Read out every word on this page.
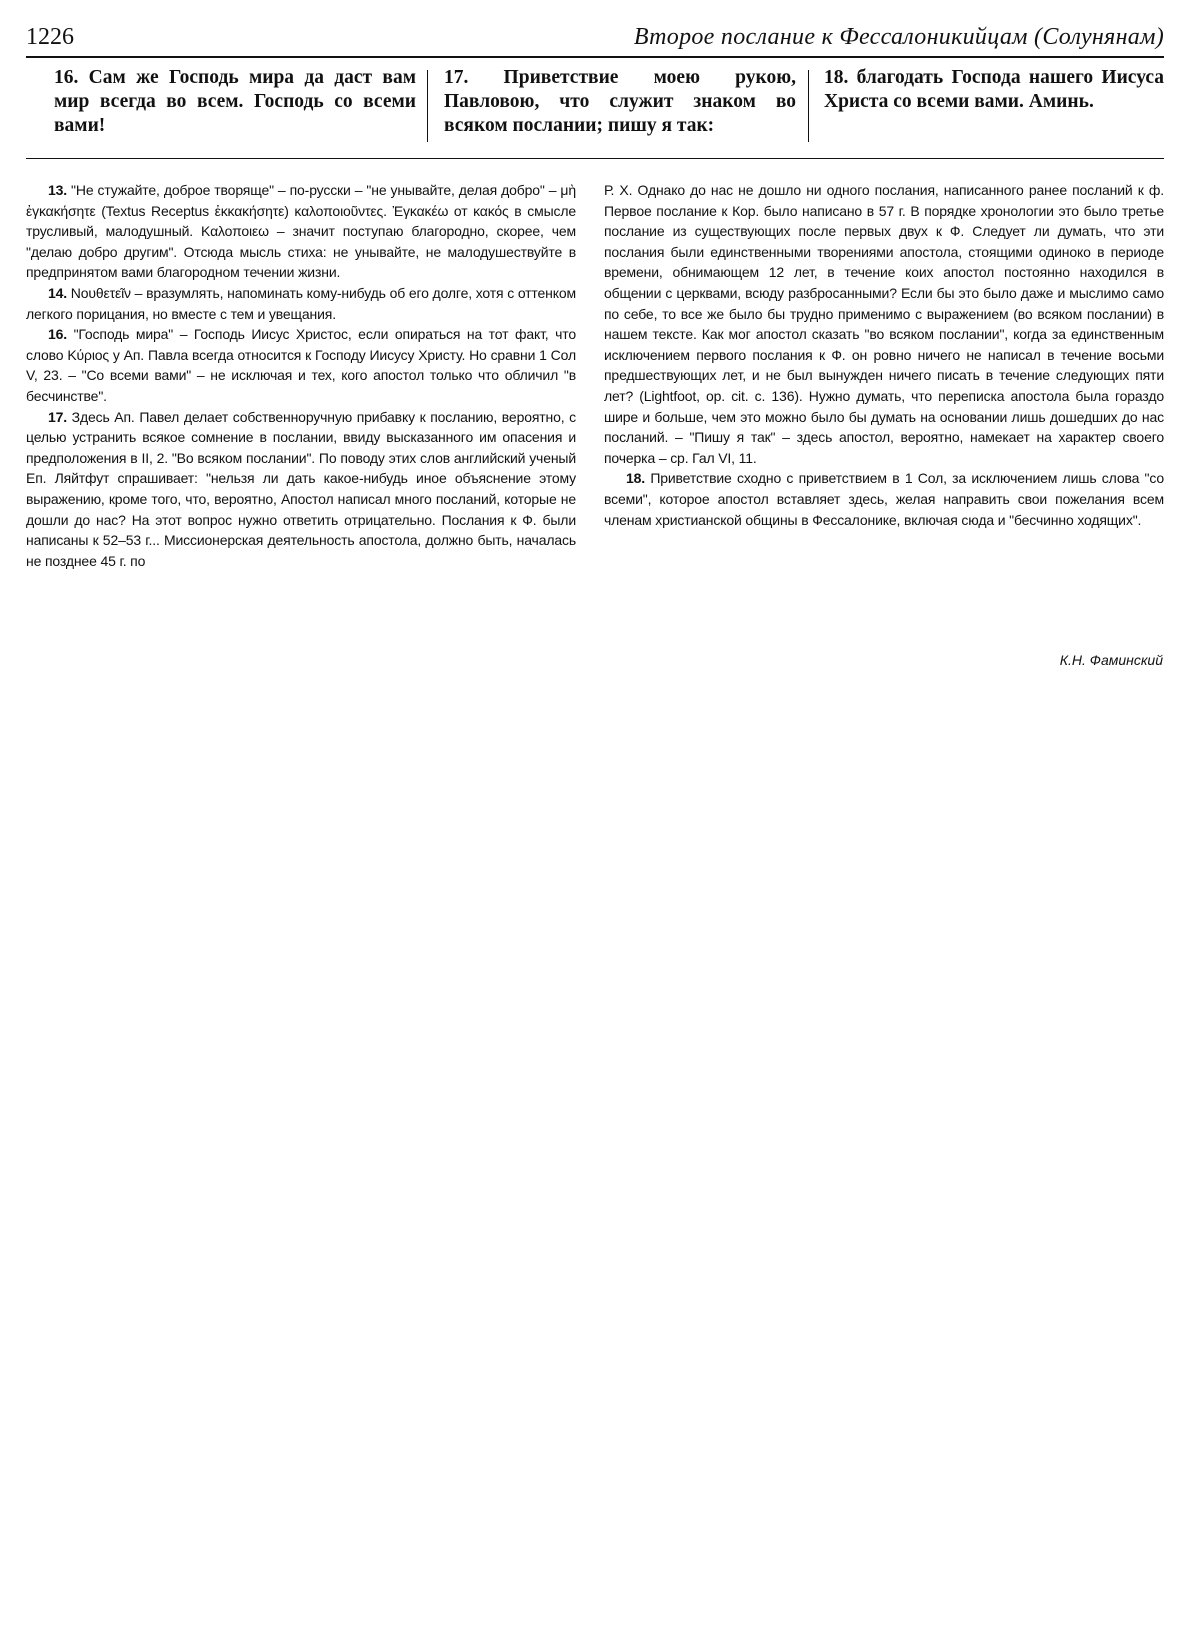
1226	Второе послание к Фессалоникийцам (Солунянам)
16. Сам же Господь мира да даст вам мир всегда во всем. Господь со всеми вами!
17. Приветствие моею рукою, Павловою, что служит знаком во всяком послании; пишу я так:
18. благодать Господа нашего Иисуса Христа со всеми вами. Аминь.

13. "Не стужайте, доброе творяще" – по-русски – "не унывайте, делая добро" – μὴ ἐγκακήσητε (Textus Receptus ἐκκακήσητε) καλοποιοῦντες. Ἐγκακέω от κακός в смысле трусливый, малодушный. Καλοποιεω – значит поступаю благородно, скорее, чем "делаю добро другим". Отсюда мысль стиха: не унывайте, не малодушествуйте в предпринятом вами благородном течении жизни.

14. Νουθετεῖν – вразумлять, напоминать кому-нибудь об его долге, хотя с оттенком легкого порицания, но вместе с тем и увещания.

16. "Господь мира" – Господь Иисус Христос, если опираться на тот факт, что слово Κύριος у Ап. Павла всегда относится к Господу Иисусу Христу. Но сравни 1 Сол V, 23. – "Со всеми вами" – не исключая и тех, кого апостол только что обличил "в бесчинстве".

17. Здесь Ап. Павел делает собственноручную прибавку к посланию, вероятно, с целью устранить всякое сомнение в послании, ввиду высказанного им опасения и предположения в II, 2. "Во всяком послании". По поводу этих слов английский ученый Еп. Ляйтфут спрашивает: "нельзя ли дать какое-нибудь иное объяснение этому выражению, кроме того, что, вероятно, Апостол написал много посланий, которые не дошли до нас? На этот вопрос нужно ответить отрицательно. Послания к Ф. были написаны к 52–53 г... Миссионерская деятельность апостола, должно быть, началась не позднее 45 г. по

Р. Х. Однако до нас не дошло ни одного послания, написанного ранее посланий к ф. Первое послание к Кор. было написано в 57 г. В порядке хронологии это было третье послание из существующих после первых двух к Ф. Следует ли думать, что эти послания были единственными творениями апостола, стоящими одиноко в периоде времени, обнимающем 12 лет, в течение коих апостол постоянно находился в общении с церквами, всюду разбросанными? Если бы это было даже и мыслимо само по себе, то все же было бы трудно применимо с выражением (во всяком послании) в нашем тексте. Как мог апостол сказать "во всяком послании", когда за единственным исключением первого послания к Ф. он ровно ничего не написал в течение восьми предшествующих лет, и не был вынужден ничего писать в течение следующих пяти лет? (Lightfoot, op. cit. с. 136). Нужно думать, что переписка апостола была гораздо шире и больше, чем это можно было бы думать на основании лишь дошедших до нас посланий. – "Пишу я так" – здесь апостол, вероятно, намекает на характер своего почерка – ср. Гал VI, 11.

18. Приветствие сходно с приветствием в 1 Сол, за исключением лишь слова "со всеми", которое апостол вставляет здесь, желая направить свои пожелания всем членам христианской общины в Фессалонике, включая сюда и "бесчинно ходящих".

К.Н. Фаминский
